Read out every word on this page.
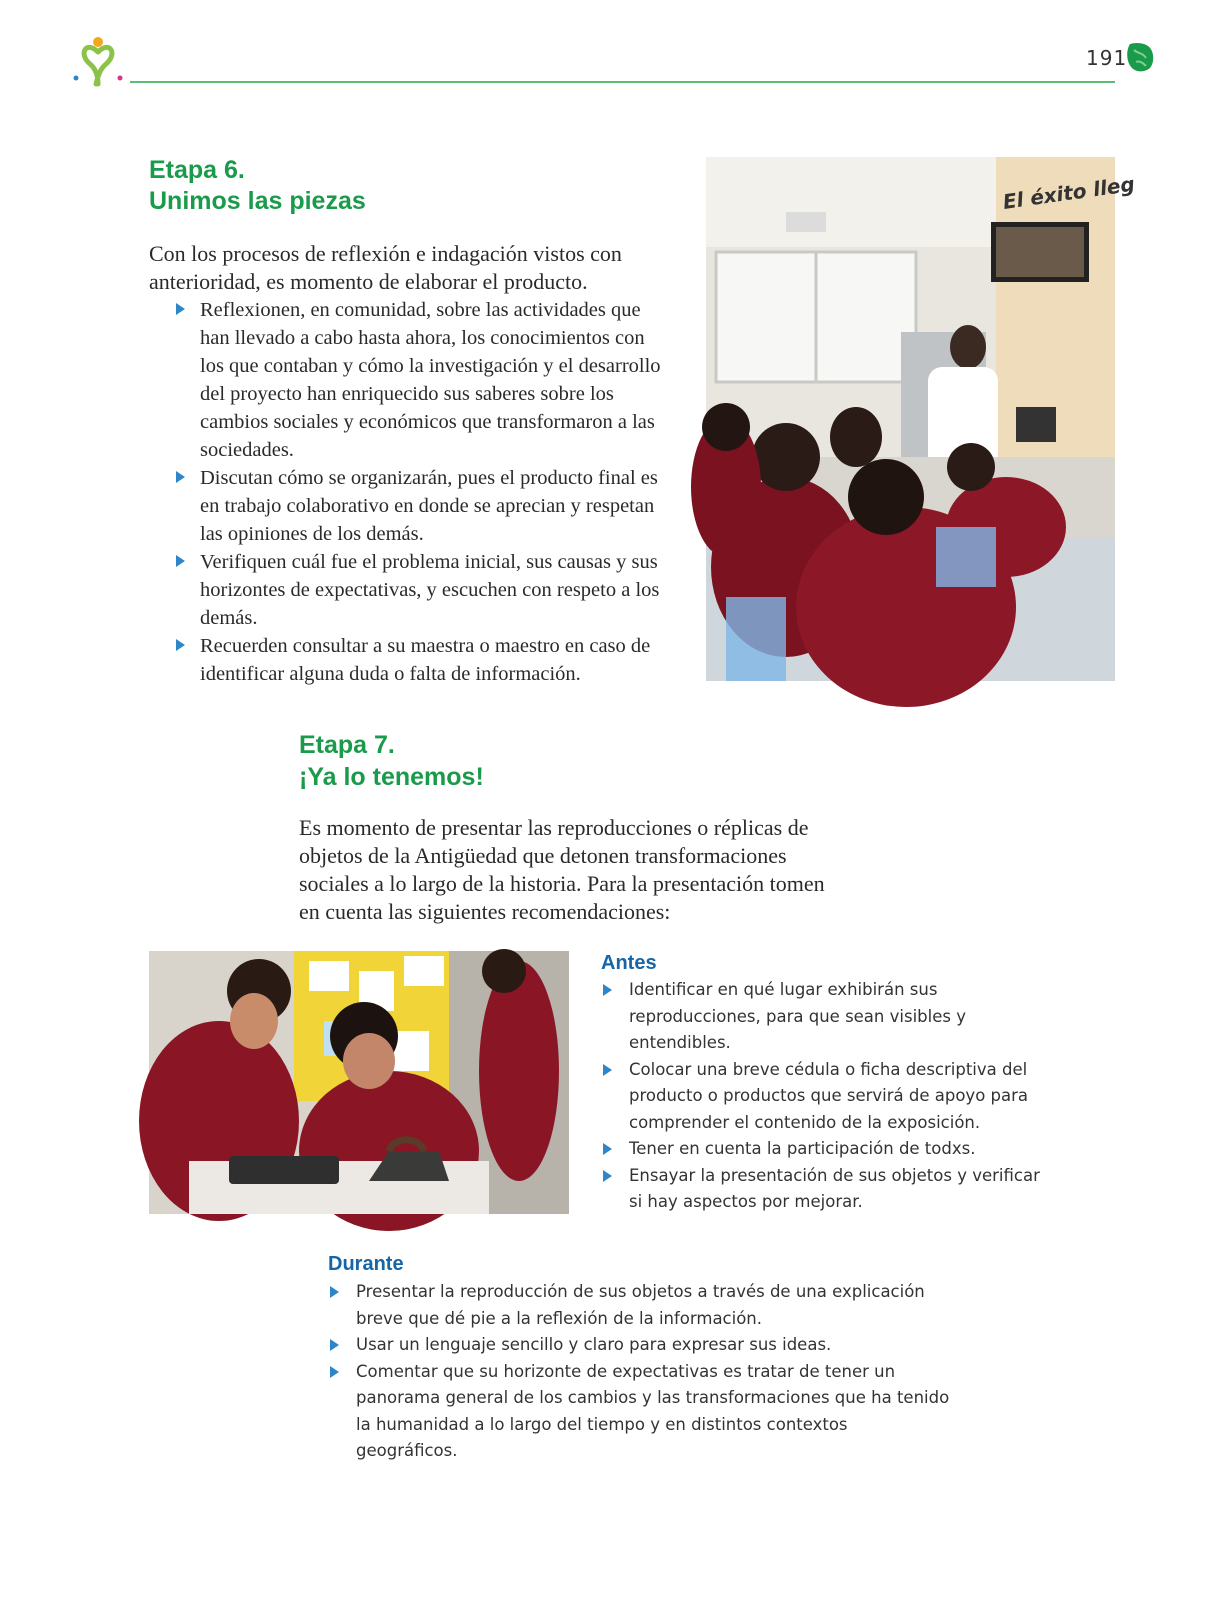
191
Etapa 6.
Unimos las piezas

Con los procesos de reflexión e indagación vistos con anterioridad, es momento de elaborar el producto.

Reflexionen, en comunidad, sobre las actividades que han llevado a cabo hasta ahora, los conocimientos con los que contaban y cómo la investigación y el desarrollo del proyecto han enriquecido sus saberes sobre los cambios sociales y económicos que transformaron a las sociedades.
Discutan cómo se organizarán, pues el producto final es en trabajo colaborativo en donde se aprecian y respetan las opiniones de los demás.
Verifiquen cuál fue el problema inicial, sus causas y sus horizontes de expectativas, y escuchen con respeto a los demás.
Recuerden consultar a su maestra o maestro en caso de identificar alguna duda o falta de información.
El éxito lleg
Etapa 7.
¡Ya lo tenemos!

Es momento de presentar las reproducciones o réplicas de objetos de la Antigüedad que detonen transformaciones sociales a lo largo de la historia. Para la presentación tomen en cuenta las siguientes recomendaciones:

Antes
Identificar en qué lugar exhibirán sus reproducciones, para que sean visibles y entendibles.
Colocar una breve cédula o ficha descriptiva del producto o productos que servirá de apoyo para comprender el contenido de la exposición.
Tener en cuenta la participación de todxs.
Ensayar la presentación de sus objetos y verificar si hay aspectos por mejorar.
Durante
Presentar la reproducción de sus objetos a través de una explicación breve que dé pie a la reflexión de la información.
Usar un lenguaje sencillo y claro para expresar sus ideas.
Comentar que su horizonte de expectativas es tratar de tener un panorama general de los cambios y las transformaciones que ha tenido la humanidad a lo largo del tiempo y en distintos contextos geográficos.
